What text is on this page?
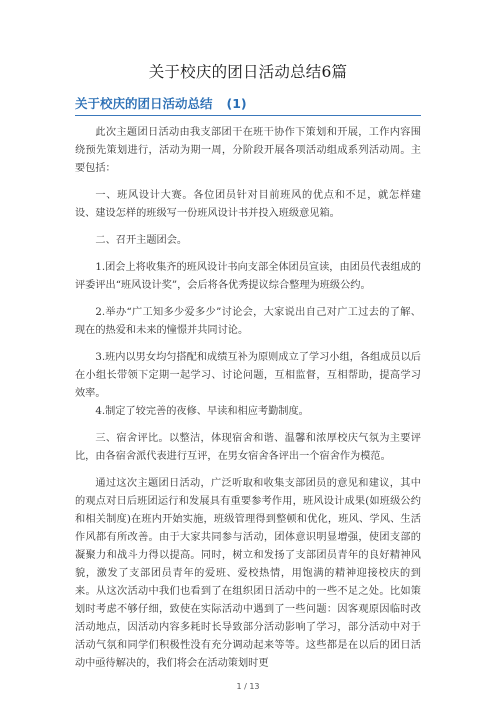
关于校庆的团日活动总结6篇
关于校庆的团日活动总结 (1)

此次主题团日活动由我支部团干在班干协作下策划和开展，工作内容围绕预先策划进行，活动为期一周，分阶段开展各项活动组成系列活动周。主要包括：

一、班风设计大赛。各位团员针对目前班风的优点和不足，就怎样建设、建设怎样的班级写一份班风设计书并投入班级意见箱。

二、召开主题团会。

1.团会上将收集齐的班风设计书向支部全体团员宣读，由团员代表组成的评委评出“班风设计奖”，会后将各优秀提议综合整理为班级公约。

2.举办“广工知多少爱多少”讨论会，大家说出自己对广工过去的了解、现在的热爱和未来的憧憬并共同讨论。

3.班内以男女均匀搭配和成绩互补为原则成立了学习小组，各组成员以后在小组长带领下定期一起学习、讨论问题，互相监督，互相帮助，提高学习效率。

4.制定了较完善的夜修、早读和相应考勤制度。

三、宿舍评比。以整洁，体现宿舍和谐、温馨和浓厚校庆气氛为主要评比，由各宿舍派代表进行互评，在男女宿舍各评出一个宿舍作为模范。

通过这次主题团日活动，广泛听取和收集支部团员的意见和建议，其中的观点对日后班团运行和发展具有重要参考作用，班风设计成果(如班级公约和相关制度)在班内开始实施，班级管理得到整顿和优化，班风、学风、生活作风都有所改善。由于大家共同参与活动，团体意识明显增强，使团支部的凝聚力和战斗力得以提高。同时，树立和发扬了支部团员青年的良好精神风貌，激发了支部团员青年的爱班、爱校热情，用饱满的精神迎接校庆的到来。从这次活动中我们也看到了在组织团日活动中的一些不足之处。比如策划时考虑不够仔细，致使在实际活动中遇到了一些问题：因客观原因临时改活动地点，因活动内容多耗时长导致部分活动影响了学习，部分活动中对于活动气氛和同学们积极性没有充分调动起来等等。这些都是在以后的团日活动中亟待解决的，我们将会在活动策划时更

1 / 13
